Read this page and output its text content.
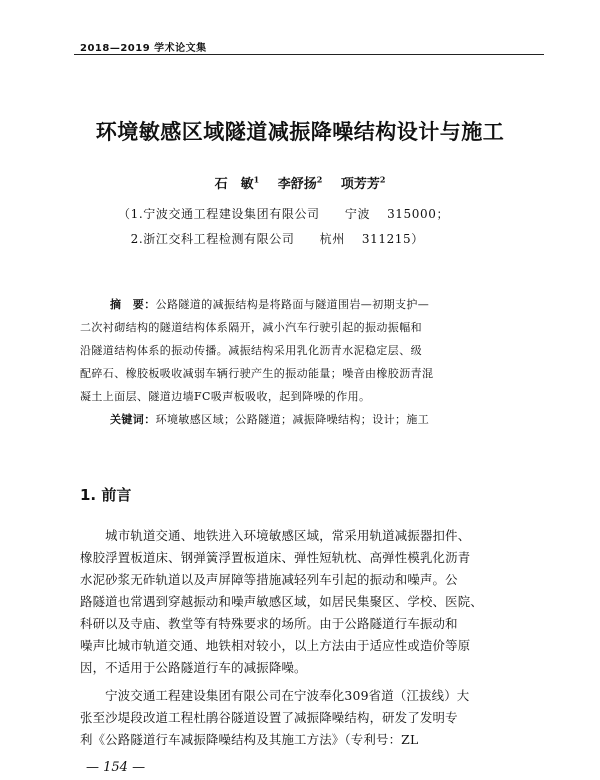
2018—2019 学术论文集
环境敏感区域隧道减振降噪结构设计与施工
石　敏$^1$ 李舒扬$^2$ 项芳芳$^2$
（1.宁波交通工程建设集团有限公司　　宁波　 315000；
　2.浙江交科工程检测有限公司　　杭州　 311215）
摘　要：公路隧道的减振结构是将路面与隧道围岩—初期支护—
二次衬砌结构的隧道结构体系隔开，减小汽车行驶引起的振动振幅和
沿隧道结构体系的振动传播。减振结构采用乳化沥青水泥稳定层、级
配碎石、橡胶板吸收减弱车辆行驶产生的振动能量；噪音由橡胶沥青混
凝土上面层、隧道边墙FC吸声板吸收，起到降噪的作用。
关键词：环境敏感区域；公路隧道；减振降噪结构；设计；施工
1. 前言
　　城市轨道交通、地铁进入环境敏感区域，常采用轨道减振器扣件、
橡胶浮置板道床、钢弹簧浮置板道床、弹性短轨枕、高弹性模乳化沥青
水泥砂浆无砟轨道以及声屏障等措施减轻列车引起的振动和噪声。公
路隧道也常遇到穿越振动和噪声敏感区域，如居民集聚区、学校、医院、
科研以及寺庙、教堂等有特殊要求的场所。由于公路隧道行车振动和
噪声比城市轨道交通、地铁相对较小，以上方法由于适应性或造价等原
因，不适用于公路隧道行车的减振降噪。
　　宁波交通工程建设集团有限公司在宁波奉化309省道（江拔线）大
张至沙堤段改道工程杜鹃谷隧道设置了减振降噪结构，研发了发明专
利《公路隧道行车减振降噪结构及其施工方法》（专利号：ZL
— 154 —
